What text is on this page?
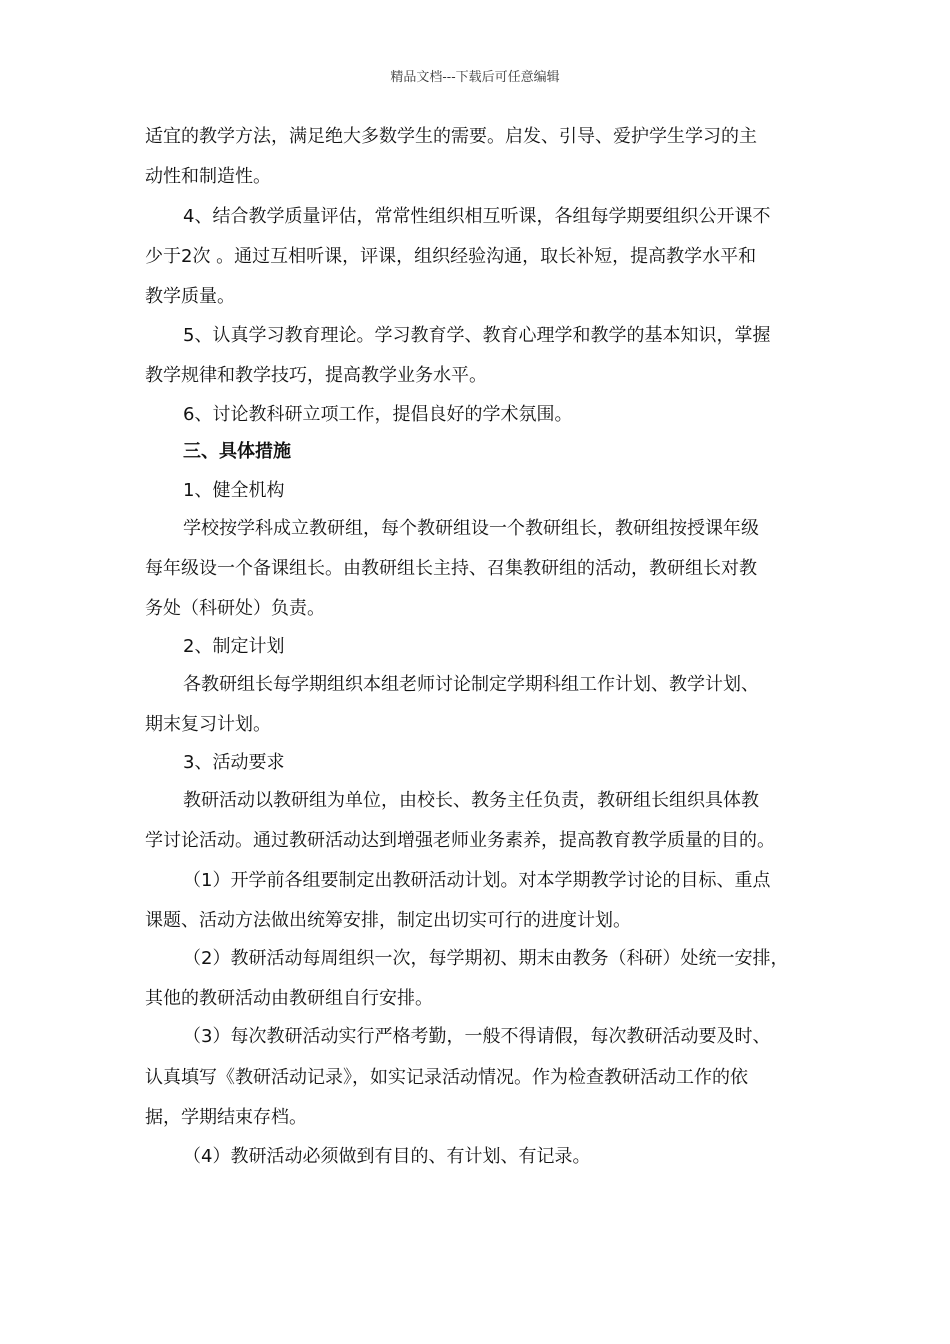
精品文档---下载后可任意编辑
适宜的教学方法，满足绝大多数学生的需要。启发、引导、爱护学生学习的主
动性和制造性。
4、结合教学质量评估，常常性组织相互听课，各组每学期要组织公开课不
少于2次 。通过互相听课，评课，组织经验沟通，取长补短，提高教学水平和
教学质量。
5、认真学习教育理论。学习教育学、教育心理学和教学的基本知识，掌握
教学规律和教学技巧，提高教学业务水平。
6、讨论教科研立项工作，提倡良好的学术氛围。
三、具体措施
1、健全机构
学校按学科成立教研组，每个教研组设一个教研组长，教研组按授课年级
每年级设一个备课组长。由教研组长主持、召集教研组的活动，教研组长对教
务处（科研处）负责。
2、制定计划
各教研组长每学期组织本组老师讨论制定学期科组工作计划、教学计划、
期末复习计划。
3、活动要求
教研活动以教研组为单位，由校长、教务主任负责，教研组长组织具体教
学讨论活动。通过教研活动达到增强老师业务素养，提高教育教学质量的目的。
（1）开学前各组要制定出教研活动计划。对本学期教学讨论的目标、重点
课题、活动方法做出统筹安排，制定出切实可行的进度计划。
（2）教研活动每周组织一次，每学期初、期末由教务（科研）处统一安排，
其他的教研活动由教研组自行安排。
（3）每次教研活动实行严格考勤，一般不得请假，每次教研活动要及时、
认真填写《教研活动记录》，如实记录活动情况。作为检查教研活动工作的依
据，学期结束存档。
（4）教研活动必须做到有目的、有计划、有记录。
